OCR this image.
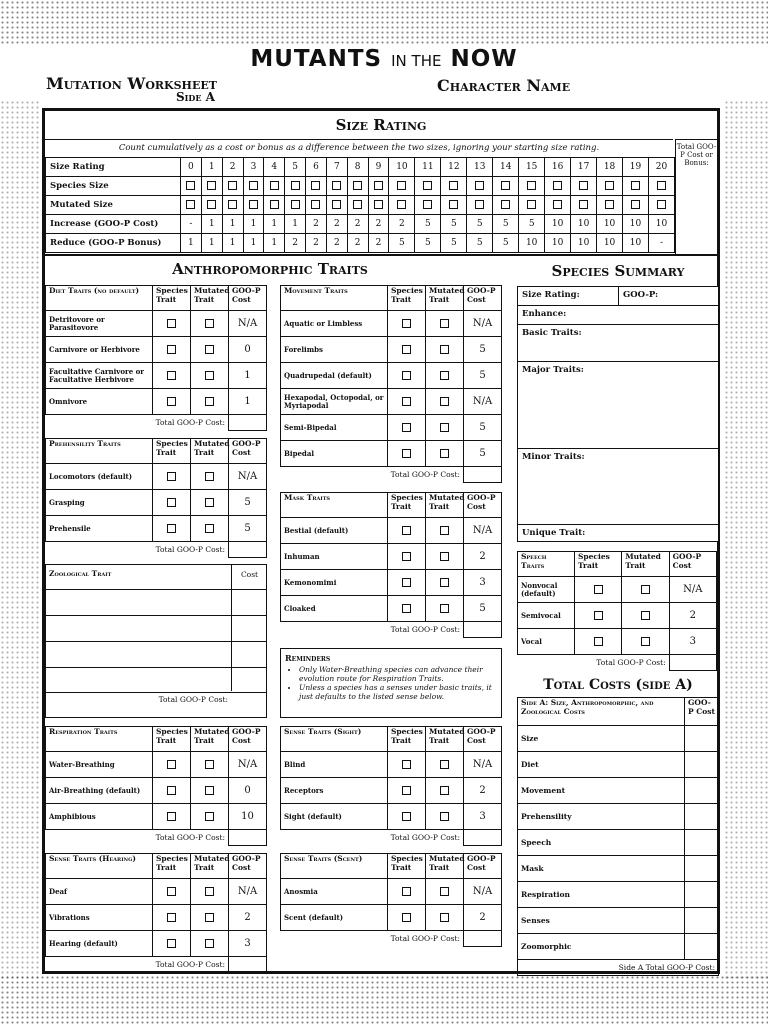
MUTANTS IN THE NOW
Mutation Worksheet
Side A
Character Name
Size Rating
Count cumulatively as a cost or bonus as a difference between the two sizes, ignoring your starting size rating.	Total GOO-P Cost or Bonus:
Size Rating	0	1	2	3	4	5	6	7	8	9	10	11	12	13	14	15	16	17	18	19	20
Species Size																					
Mutated Size																					
Increase (GOO-P Cost)	-	1	1	1	1	1	2	2	2	2	2	5	5	5	5	5	10	10	10	10	10
Reduce (GOO-P Bonus)	1	1	1	1	1	2	2	2	2	2	5	5	5	5	5	10	10	10	10	10	-
Anthropomorphic Traits	Species Summary
Diet Traits (no default)	Species Trait	Mutated Trait	GOO-P Cost
Detritovore or Parasitovore			N/A
Carnivore or Herbivore			0
Facultative Carnivore or Facultative Herbivore			1
Omnivore			1
Total GOO-P Cost:			
Prehensility Traits	Species Trait	Mutated Trait	GOO-P Cost
Locomotors (default)			N/A
Grasping			5
Prehensile			5
Total GOO-P Cost:			
Movement Traits	Species Trait	Mutated Trait	GOO-P Cost
Aquatic or Limbless			N/A
Forelimbs			5
Quadrupedal (default)			5
Hexapodal, Octopodal, or Myriapodal			N/A
Semi-Bipedal			5
Bipedal			5
Total GOO-P Cost:			
Mask Traits	Species Trait	Mutated Trait	GOO-P Cost
Bestial (default)			N/A
Inhuman			2
Kemonomimi			3
Cloaked			5
Total GOO-P Cost:			
Respiration Traits	Species Trait	Mutated Trait	GOO-P Cost
Water-Breathing			N/A
Air-Breathing (default)			0
Amphibious			10
Total GOO-P Cost:			
Sense Traits (Sight)	Species Trait	Mutated Trait	GOO-P Cost
Blind			N/A
Receptors			2
Sight (default)			3
Total GOO-P Cost:			
Sense Traits (Hearing)	Species Trait	Mutated Trait	GOO-P Cost
Deaf			N/A
Vibrations			2
Hearing (default)			3
Total GOO-P Cost:			
Sense Traits (Scent)	Species Trait	Mutated Trait	GOO-P Cost
Anosmia			N/A
Scent (default)			2
Total GOO-P Cost:			
Speech Traits	Species Trait	Mutated Trait	GOO-P Cost
Nonvocal (default)			N/A
Semivocal			2
Vocal			3
Total GOO-P Cost:			
Zoological Trait	Cost
Total GOO-P Cost:
Reminders
• Only Water-Breathing species can advance their evolution route for Respiration Traits.
• Unless a species has a senses under basic traits, it just defaults to the listed sense below.
Size Rating:	GOO-P:
Enhance:
Basic Traits:
Major Traits:
Minor Traits:
Unique Trait:
Total Costs (side A)
Side A: Size, Anthropomorphic, and Zoological Costs	GOO-P Cost
Size	
Diet	
Movement	
Prehensility	
Speech	
Mask	
Respiration	
Senses	
Zoomorphic	
Side A Total GOO-P Cost:	
